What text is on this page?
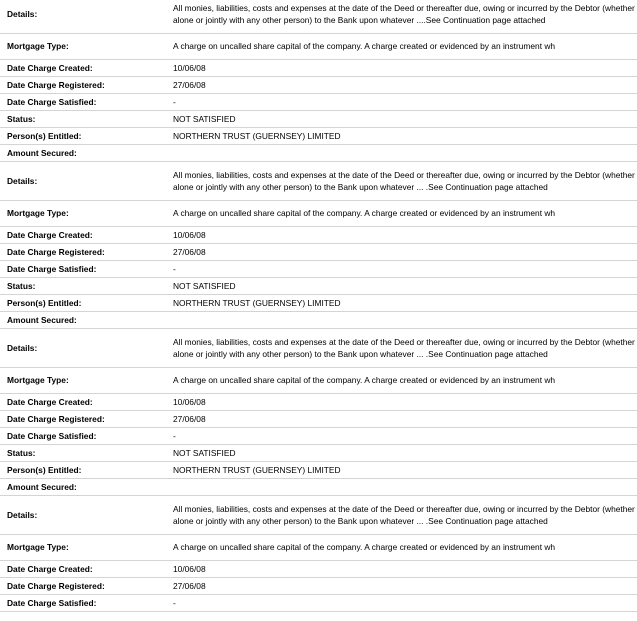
Details:	All monies, liabilities, costs and expenses at the date of the Deed or thereafter due, owing or incurred by the Debtor (whether alone or jointly with any other person) to the Bank upon whatever ....See Continuation page attached
Mortgage Type:	A charge on uncalled share capital of the company. A charge created or evidenced by an instrument wh
Date Charge Created:	10/06/08
Date Charge Registered:	27/06/08
Date Charge Satisfied:	-
Status:	NOT SATISFIED
Person(s) Entitled:	NORTHERN TRUST (GUERNSEY) LIMITED
Amount Secured:	
Details:	All monies, liabilities, costs and expenses at the date of the Deed or thereafter due, owing or incurred by the Debtor (whether alone or jointly with any other person) to the Bank upon whatever ... .See Continuation page attached
Mortgage Type:	A charge on uncalled share capital of the company. A charge created or evidenced by an instrument wh
Date Charge Created:	10/06/08
Date Charge Registered:	27/06/08
Date Charge Satisfied:	-
Status:	NOT SATISFIED
Person(s) Entitled:	NORTHERN TRUST (GUERNSEY) LIMITED
Amount Secured:	
Details:	All monies, liabilities, costs and expenses at the date of the Deed or thereafter due, owing or incurred by the Debtor (whether alone or jointly with any other person) to the Bank upon whatever ... .See Continuation page attached
Mortgage Type:	A charge on uncalled share capital of the company. A charge created or evidenced by an instrument wh
Date Charge Created:	10/06/08
Date Charge Registered:	27/06/08
Date Charge Satisfied:	-
Status:	NOT SATISFIED
Person(s) Entitled:	NORTHERN TRUST (GUERNSEY) LIMITED
Amount Secured:	
Details:	All monies, liabilities, costs and expenses at the date of the Deed or thereafter due, owing or incurred by the Debtor (whether alone or jointly with any other person) to the Bank upon whatever ... .See Continuation page attached
Mortgage Type:	A charge on uncalled share capital of the company. A charge created or evidenced by an instrument wh
Date Charge Created:	10/06/08
Date Charge Registered:	27/06/08
Date Charge Satisfied:	-
